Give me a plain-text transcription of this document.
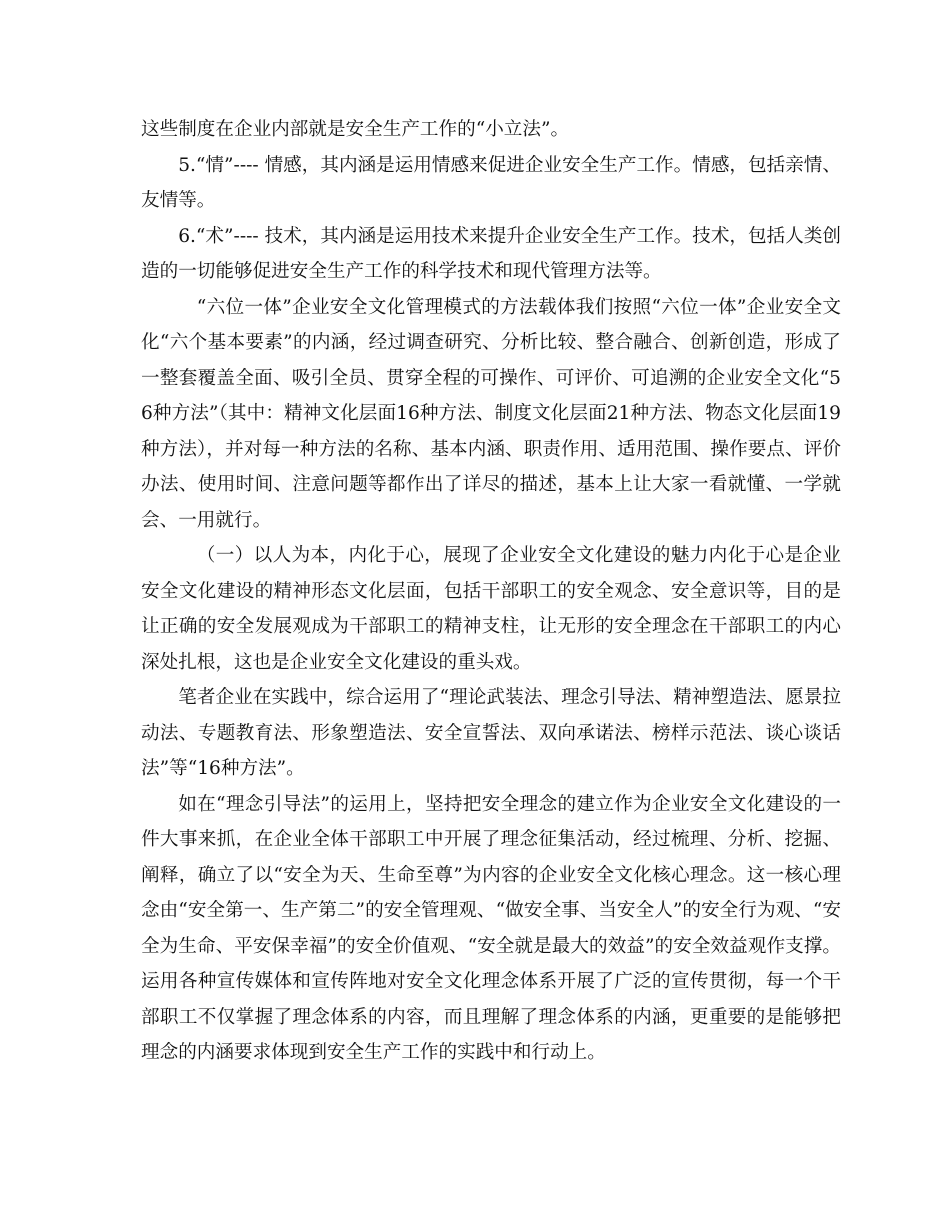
这些制度在企业内部就是安全生产工作的“小立法”。

5.“情”---- 情感，其内涵是运用情感来促进企业安全生产工作。情感，包括亲情、友情等。

6.“术”---- 技术，其内涵是运用技术来提升企业安全生产工作。技术，包括人类创造的一切能够促进安全生产工作的科学技术和现代管理方法等。

“六位一体”企业安全文化管理模式的方法载体我们按照“六位一体”企业安全文化“六个基本要素”的内涵，经过调查研究、分析比较、整合融合、创新创造，形成了一整套覆盖全面、吸引全员、贯穿全程的可操作、可评价、可追溯的企业安全文化“56种方法”（其中：精神文化层面16种方法、制度文化层面21种方法、物态文化层面19种方法），并对每一种方法的名称、基本内涵、职责作用、适用范围、操作要点、评价办法、使用时间、注意问题等都作出了详尽的描述，基本上让大家一看就懂、一学就会、一用就行。

（一）以人为本，内化于心，展现了企业安全文化建设的魅力内化于心是企业安全文化建设的精神形态文化层面，包括干部职工的安全观念、安全意识等，目的是让正确的安全发展观成为干部职工的精神支柱，让无形的安全理念在干部职工的内心深处扎根，这也是企业安全文化建设的重头戏。

笔者企业在实践中，综合运用了“理论武装法、理念引导法、精神塑造法、愿景拉动法、专题教育法、形象塑造法、安全宣誓法、双向承诺法、榜样示范法、谈心谈话法”等“16种方法”。

如在“理念引导法”的运用上，坚持把安全理念的建立作为企业安全文化建设的一件大事来抓，在企业全体干部职工中开展了理念征集活动，经过梳理、分析、挖掘、阐释，确立了以“安全为天、生命至尊”为内容的企业安全文化核心理念。这一核心理念由“安全第一、生产第二”的安全管理观、“做安全事、当安全人”的安全行为观、“安全为生命、平安保幸福”的安全价值观、“安全就是最大的效益”的安全效益观作支撑。运用各种宣传媒体和宣传阵地对安全文化理念体系开展了广泛的宣传贯彻，每一个干部职工不仅掌握了理念体系的内容，而且理解了理念体系的内涵，更重要的是能够把理念的内涵要求体现到安全生产工作的实践中和行动上。
